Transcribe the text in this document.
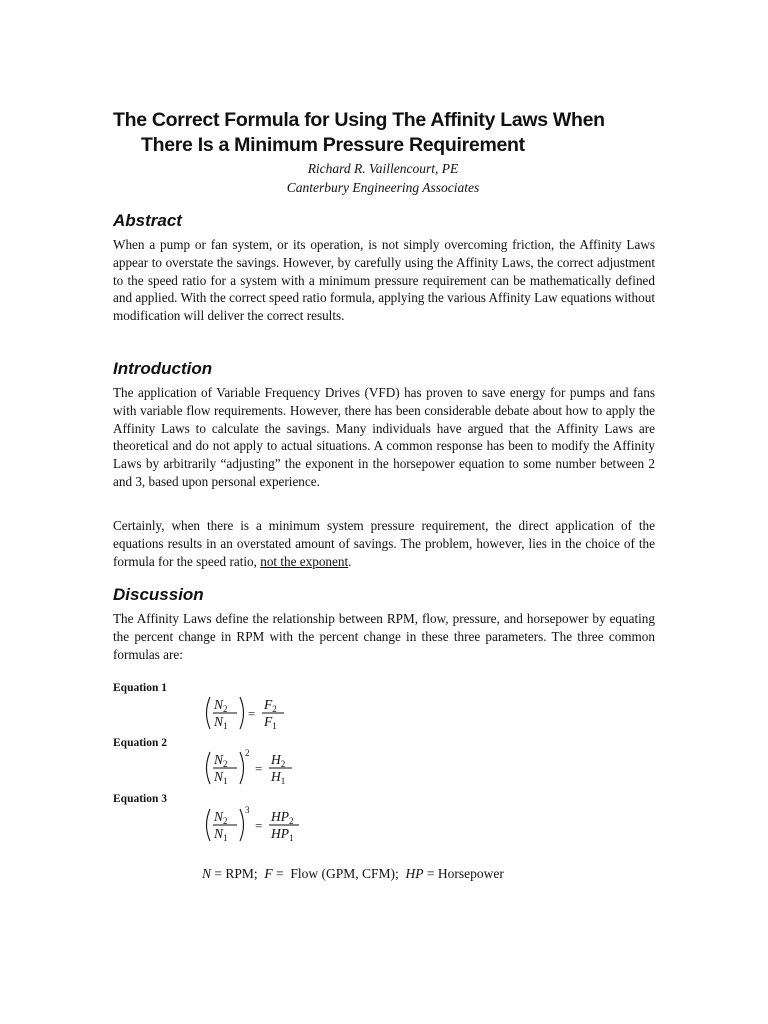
The Correct Formula for Using The Affinity Laws When
There Is a Minimum Pressure Requirement
Richard R. Vaillencourt, PE
Canterbury Engineering Associates
Abstract

When a pump or fan system, or its operation, is not simply overcoming friction, the Affinity Laws appear to overstate the savings. However, by carefully using the Affinity Laws, the correct adjustment to the speed ratio for a system with a minimum pressure requirement can be mathematically defined and applied. With the correct speed ratio formula, applying the various Affinity Law equations without modification will deliver the correct results.

Introduction

The application of Variable Frequency Drives (VFD) has proven to save energy for pumps and fans with variable flow requirements. However, there has been considerable debate about how to apply the Affinity Laws to calculate the savings. Many individuals have argued that the Affinity Laws are theoretical and do not apply to actual situations. A common response has been to modify the Affinity Laws by arbitrarily “adjusting” the exponent in the horsepower equation to some number between 2 and 3, based upon personal experience.

Certainly, when there is a minimum system pressure requirement, the direct application of the equations results in an overstated amount of savings. The problem, however, lies in the choice of the formula for the speed ratio, not the exponent.

Discussion

The Affinity Laws define the relationship between RPM, flow, pressure, and horsepower by equating the percent change in RPM with the percent change in these three parameters. The three common formulas are:

Equation 1
$N_2$
$N_1$
=
$F_2$
$F_1$
Equation 2
$N_2$
$N_1$
2
=
$H_2$
$H_1$
Equation 3
$N_2$
$N_1$
3
=
$HP_2$
$HP_1$
N = RPM;  F =  Flow (GPM, CFM);  HP = Horsepower
